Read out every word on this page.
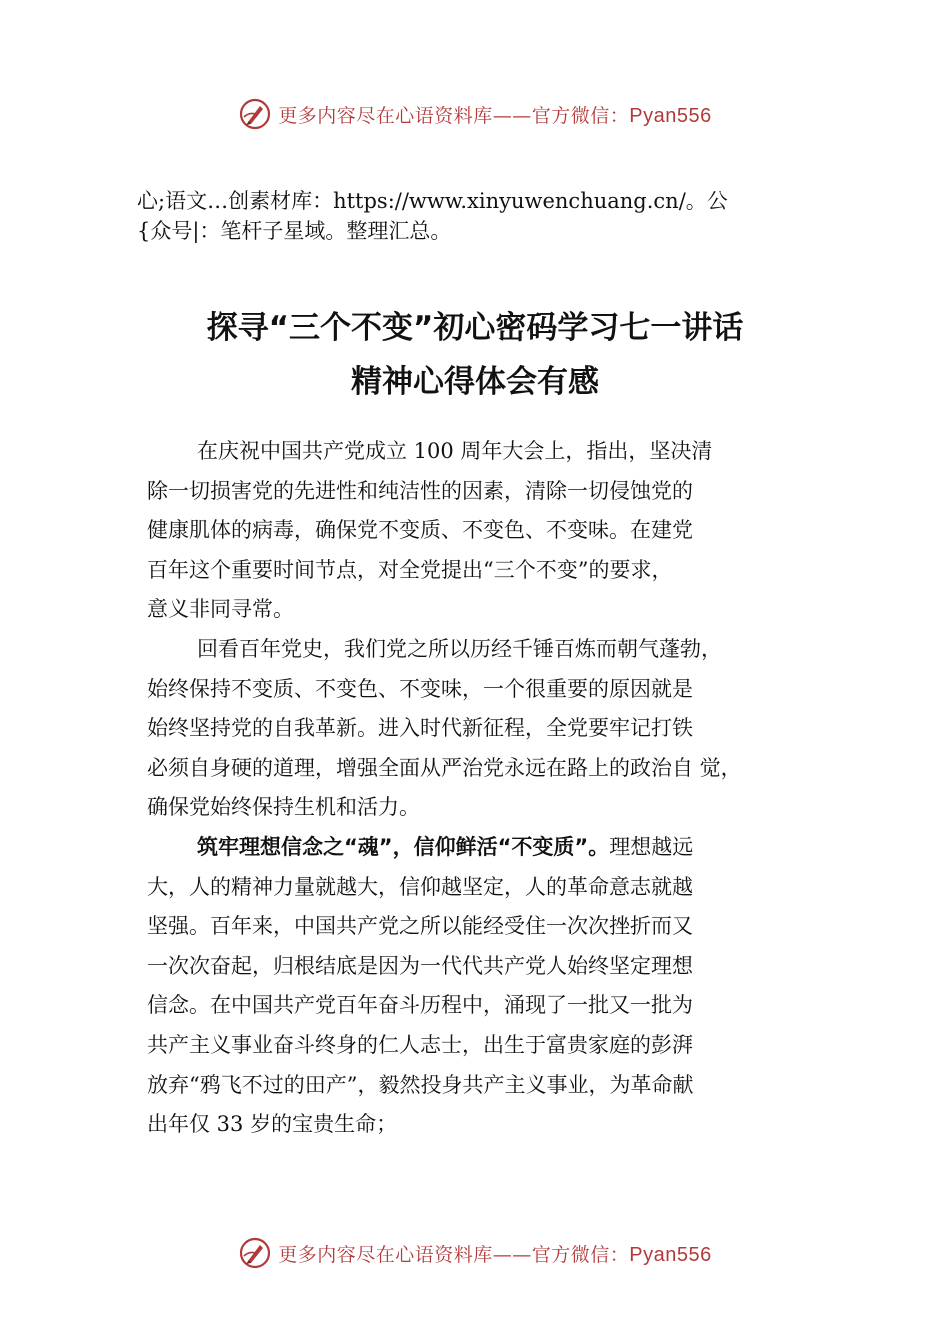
更多内容尽在心语资料库——官方微信：Pyan556
心;语文…创素材库：https://www.xinyuwenchuang.cn/。公
{众号|：笔杆子星域。整理汇总。
探寻“三个不变”初心密码学习七一讲话
精神心得体会有感
在庆祝中国共产党成立 100 周年大会上，指出，坚决清
除一切损害党的先进性和纯洁性的因素，清除一切侵蚀党的
健康肌体的病毒，确保党不变质、不变色、不变味。在建党
百年这个重要时间节点，对全党提出“三个不变”的要求，
意义非同寻常。
回看百年党史，我们党之所以历经千锤百炼而朝气蓬勃，
始终保持不变质、不变色、不变味，一个很重要的原因就是
始终坚持党的自我革新。进入时代新征程，全党要牢记打铁
必须自身硬的道理，增强全面从严治党永远在路上的政治自 觉，
确保党始终保持生机和活力。
筑牢理想信念之“魂”，信仰鲜活“不变质”。理想越远
大，人的精神力量就越大，信仰越坚定，人的革命意志就越
坚强。百年来，中国共产党之所以能经受住一次次挫折而又
一次次奋起，归根结底是因为一代代共产党人始终坚定理想
信念。在中国共产党百年奋斗历程中，涌现了一批又一批为
共产主义事业奋斗终身的仁人志士，出生于富贵家庭的彭湃
放弃“鸦飞不过的田产”，毅然投身共产主义事业，为革命献
出年仅 33 岁的宝贵生命；
更多内容尽在心语资料库——官方微信：Pyan556
